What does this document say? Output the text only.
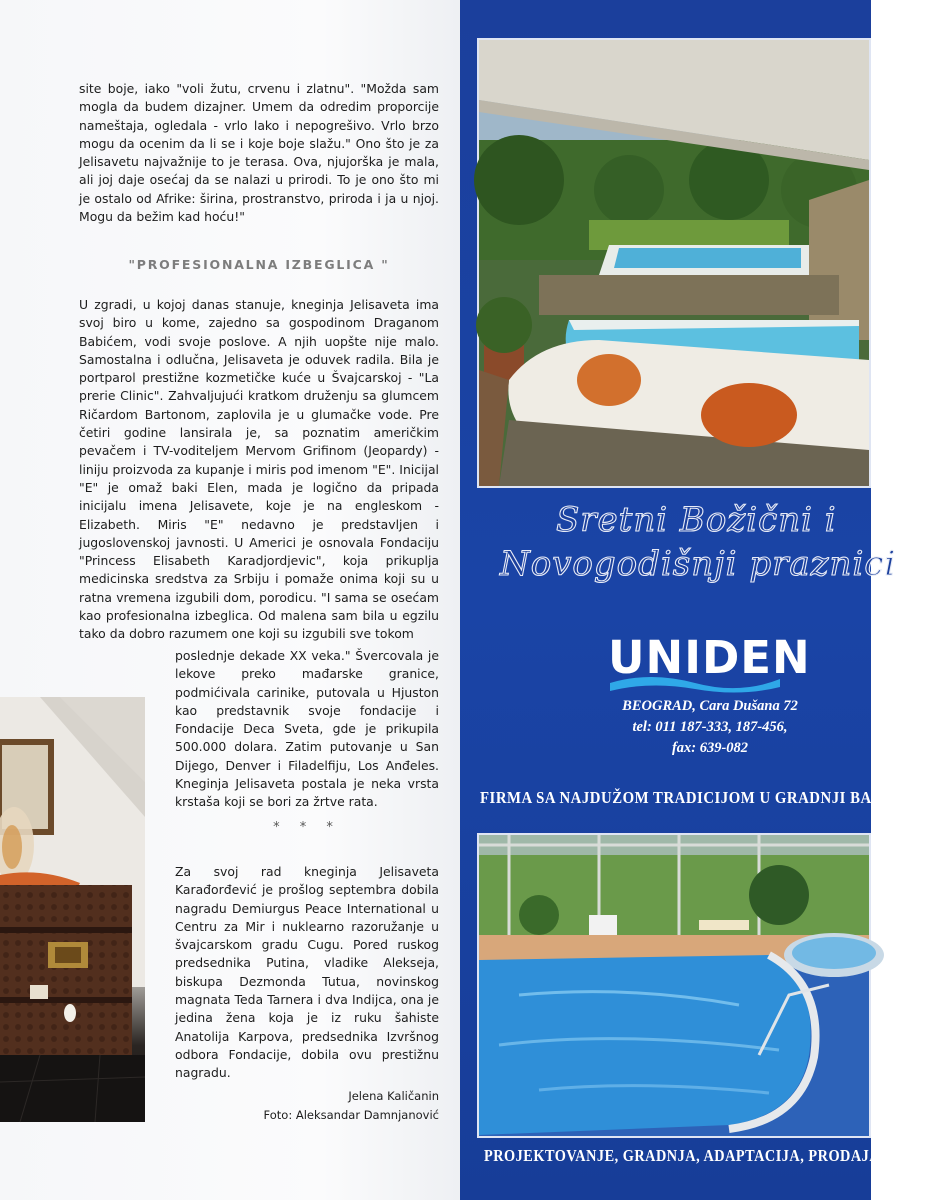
site boje, iako "voli žutu, crvenu i zlatnu". "Možda sam mogla da budem dizajner. Umem da odredim proporcije nameštaja, ogledala - vrlo lako i nepogrešivo. Vrlo brzo mogu da ocenim da li se i koje boje slažu." Ono što je za Jelisavetu najvažnije to je terasa. Ova, njujorška je mala, ali joj daje osećaj da se nalazi u prirodi. To je ono što mi je ostalo od Afrike: širina, prostranstvo, priroda i ja u njoj. Mogu da bežim kad hoću!"

"PROFESIONALNA IZBEGLICA "

U zgradi, u kojoj danas stanuje, kneginja Jelisaveta ima svoj biro u kome, zajedno sa gospodinom Draganom Babićem, vodi svoje poslove. A njih uopšte nije malo. Samostalna i odlučna, Jelisaveta je oduvek radila. Bila je portparol prestižne kozmetičke kuće u Švajcarskoj - "La prerie Clinic". Zahvaljujući kratkom druženju sa glumcem Ričardom Bartonom, zaplovila je u glumačke vode. Pre četiri godine lansirala je, sa poznatim američkim pevačem i TV-voditeljem Mervom Grifinom (Jeopardy) - liniju proizvoda za kupanje i miris pod imenom "E". Inicijal "E" je omaž baki Elen, mada je logično da pripada inicijalu imena Jelisavete, koje je na engleskom - Elizabeth. Miris "E" nedavno je predstavljen i jugoslovenskoj javnosti. U Americi je osnovala Fondaciju "Princess Elisabeth Karadjordjevic", koja prikuplja medicinska sredstva za Srbiju i pomaže onima koji su u ratna vremena izgubili dom, porodicu. "I sama se osećam kao profesionalna izbeglica. Od malena sam bila u egzilu tako da dobro razumem one koji su izgubili sve tokom

poslednje dekade XX veka." Švercovala je lekove preko mađarske granice, podmićivala carinike, putovala u Hjuston kao predstavnik svoje fondacije i Fondacije Deca Sveta, gde je prikupila 500.000 dolara. Zatim putovanje u San Dijego, Denver i Filadelfiju, Los Anđeles. Kneginja Jelisaveta postala je neka vrsta krstaša koji se bori za žrtve rata.

* * *

Za svoj rad kneginja Jelisaveta Karađorđević je prošlog septembra dobila nagradu Demiurgus Peace International u Centru za Mir i nuklearno razoružanje u švajcarskom gradu Cugu. Pored ruskog predsednika Putina, vladike Alekseja, biskupa Dezmonda Tutua, novinskog magnata Teda Tarnera i dva Indijca, ona je jedina žena koja je iz ruku šahiste Anatolija Karpova, predsednika Izvršnog odbora Fondacije, dobila ovu prestižnu nagradu.

Jelena Kaličanin
Foto: Aleksandar Damnjanović
Sretni Božični i
Novogodišnji praznici
UNIDEN
BEOGRAD, Cara Dušana 72
tel: 011 187-333, 187-456,
fax: 639-082
FIRMA SA NAJDUŽOM TRADICIJOM U GRADNJI BAZENA
PROJEKTOVANJE, GRADNJA, ADAPTACIJA, PRODAJA OPREME
